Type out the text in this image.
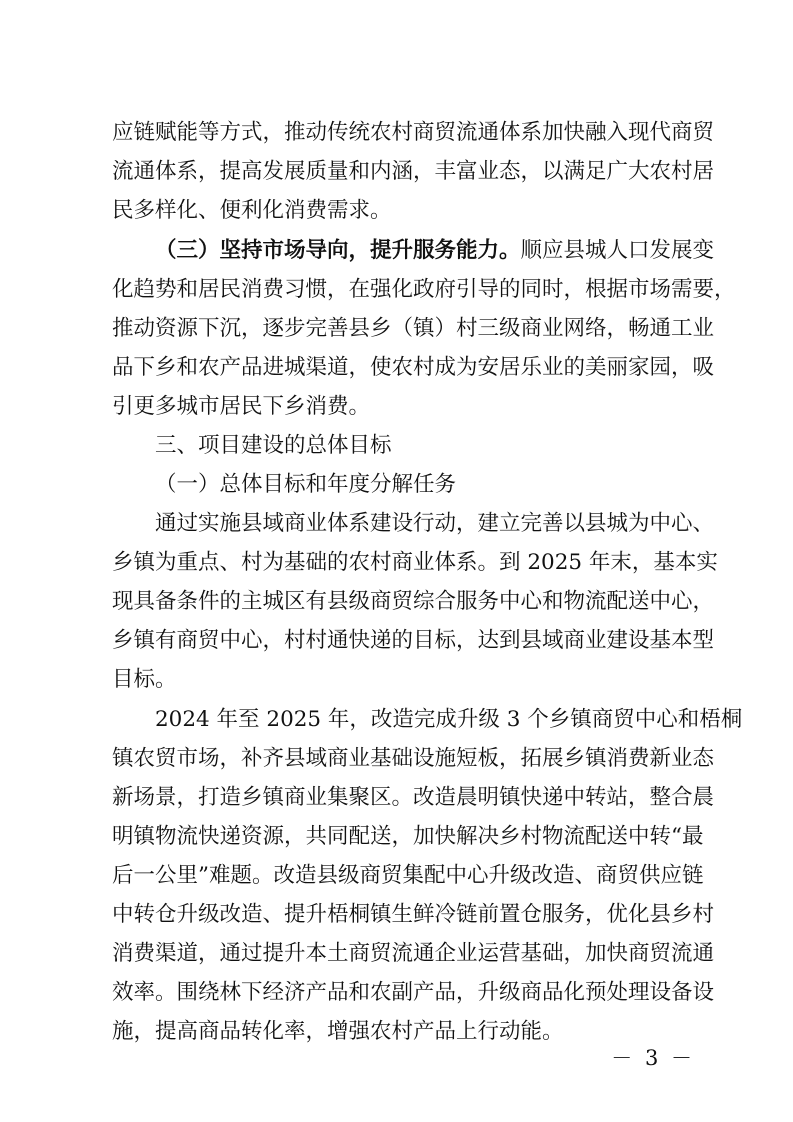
应链赋能等方式，推动传统农村商贸流通体系加快融入现代商贸
流通体系，提高发展质量和内涵，丰富业态，以满足广大农村居
民多样化、便利化消费需求。
（三）坚持市场导向，提升服务能力。顺应县城人口发展变
化趋势和居民消费习惯，在强化政府引导的同时，根据市场需要，
推动资源下沉，逐步完善县乡（镇）村三级商业网络，畅通工业
品下乡和农产品进城渠道，使农村成为安居乐业的美丽家园，吸
引更多城市居民下乡消费。
三、项目建设的总体目标
（一）总体目标和年度分解任务
通过实施县域商业体系建设行动，建立完善以县城为中心、
乡镇为重点、村为基础的农村商业体系。到 2025 年末，基本实
现具备条件的主城区有县级商贸综合服务中心和物流配送中心，
乡镇有商贸中心，村村通快递的目标，达到县域商业建设基本型
目标。
2024 年至 2025 年，改造完成升级 3 个乡镇商贸中心和梧桐
镇农贸市场，补齐县域商业基础设施短板，拓展乡镇消费新业态
新场景，打造乡镇商业集聚区。改造晨明镇快递中转站，整合晨
明镇物流快递资源，共同配送，加快解决乡村物流配送中转“最
后一公里”难题。改造县级商贸集配中心升级改造、商贸供应链
中转仓升级改造、提升梧桐镇生鲜冷链前置仓服务，优化县乡村
消费渠道，通过提升本土商贸流通企业运营基础，加快商贸流通
效率。围绕林下经济产品和农副产品，升级商品化预处理设备设
施，提高商品转化率，增强农村产品上行动能。
－ 3 －
